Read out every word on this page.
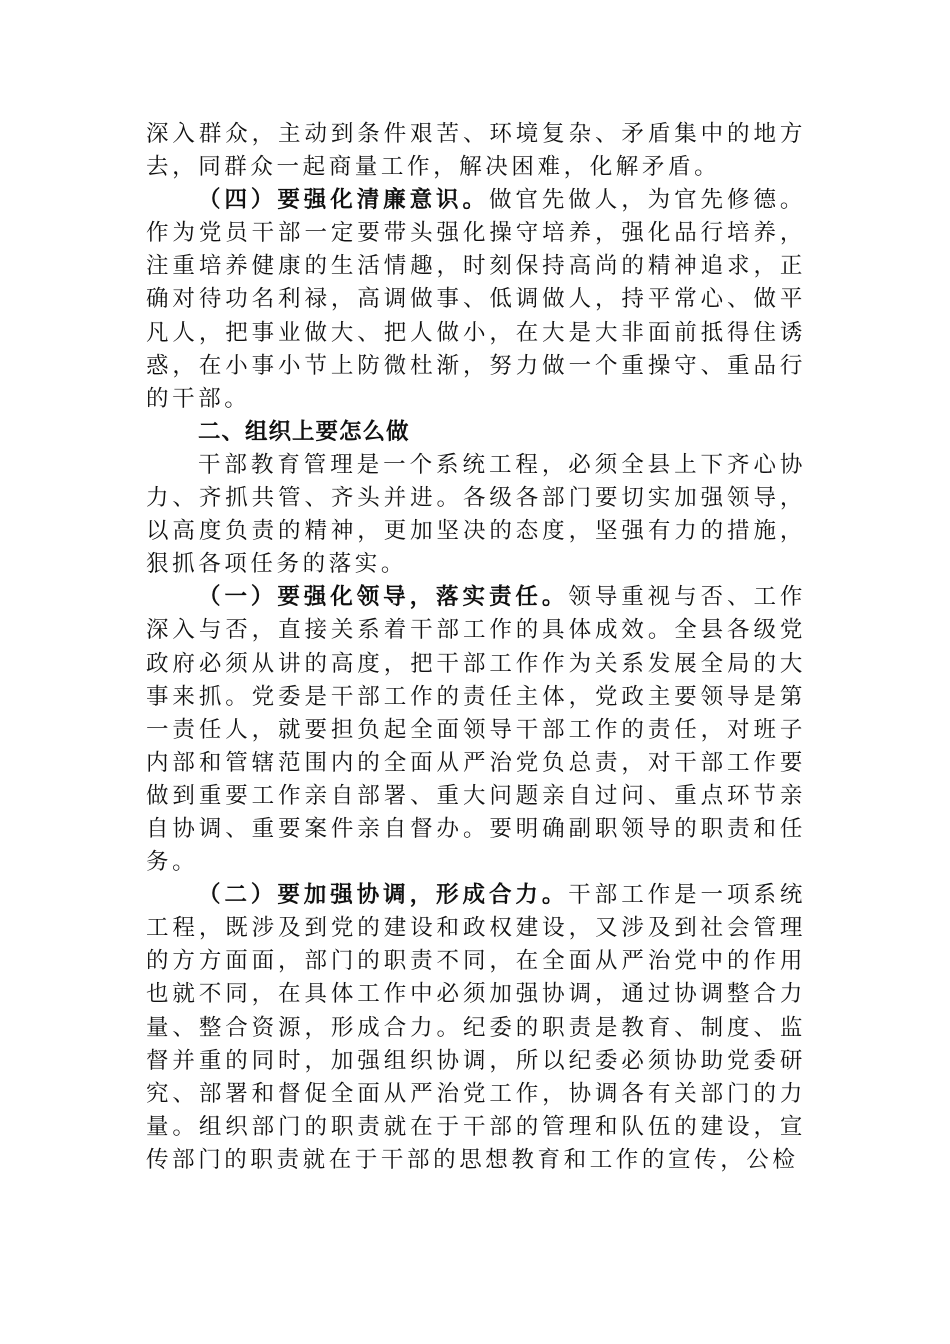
深入群众，主动到条件艰苦、环境复杂、矛盾集中的地方去，同群众一起商量工作，解决困难，化解矛盾。

（四）要强化清廉意识。做官先做人，为官先修德。作为党员干部一定要带头强化操守培养，强化品行培养，注重培养健康的生活情趣，时刻保持高尚的精神追求，正确对待功名利禄，高调做事、低调做人，持平常心、做平凡人，把事业做大、把人做小，在大是大非面前抵得住诱惑，在小事小节上防微杜渐，努力做一个重操守、重品行的干部。

二、组织上要怎么做

干部教育管理是一个系统工程，必须全县上下齐心协力、齐抓共管、齐头并进。各级各部门要切实加强领导，以高度负责的精神，更加坚决的态度，坚强有力的措施，狠抓各项任务的落实。

（一）要强化领导，落实责任。领导重视与否、工作深入与否，直接关系着干部工作的具体成效。全县各级党政府必须从讲的高度，把干部工作作为关系发展全局的大事来抓。党委是干部工作的责任主体，党政主要领导是第一责任人，就要担负起全面领导干部工作的责任，对班子内部和管辖范围内的全面从严治党负总责，对干部工作要做到重要工作亲自部署、重大问题亲自过问、重点环节亲自协调、重要案件亲自督办。要明确副职领导的职责和任务。

（二）要加强协调，形成合力。干部工作是一项系统工程，既涉及到党的建设和政权建设，又涉及到社会管理的方方面面，部门的职责不同，在全面从严治党中的作用也就不同，在具体工作中必须加强协调，通过协调整合力量、整合资源，形成合力。纪委的职责是教育、制度、监督并重的同时，加强组织协调，所以纪委必须协助党委研究、部署和督促全面从严治党工作，协调各有关部门的力量。组织部门的职责就在于干部的管理和队伍的建设，宣传部门的职责就在于干部的思想教育和工作的宣传，公检
